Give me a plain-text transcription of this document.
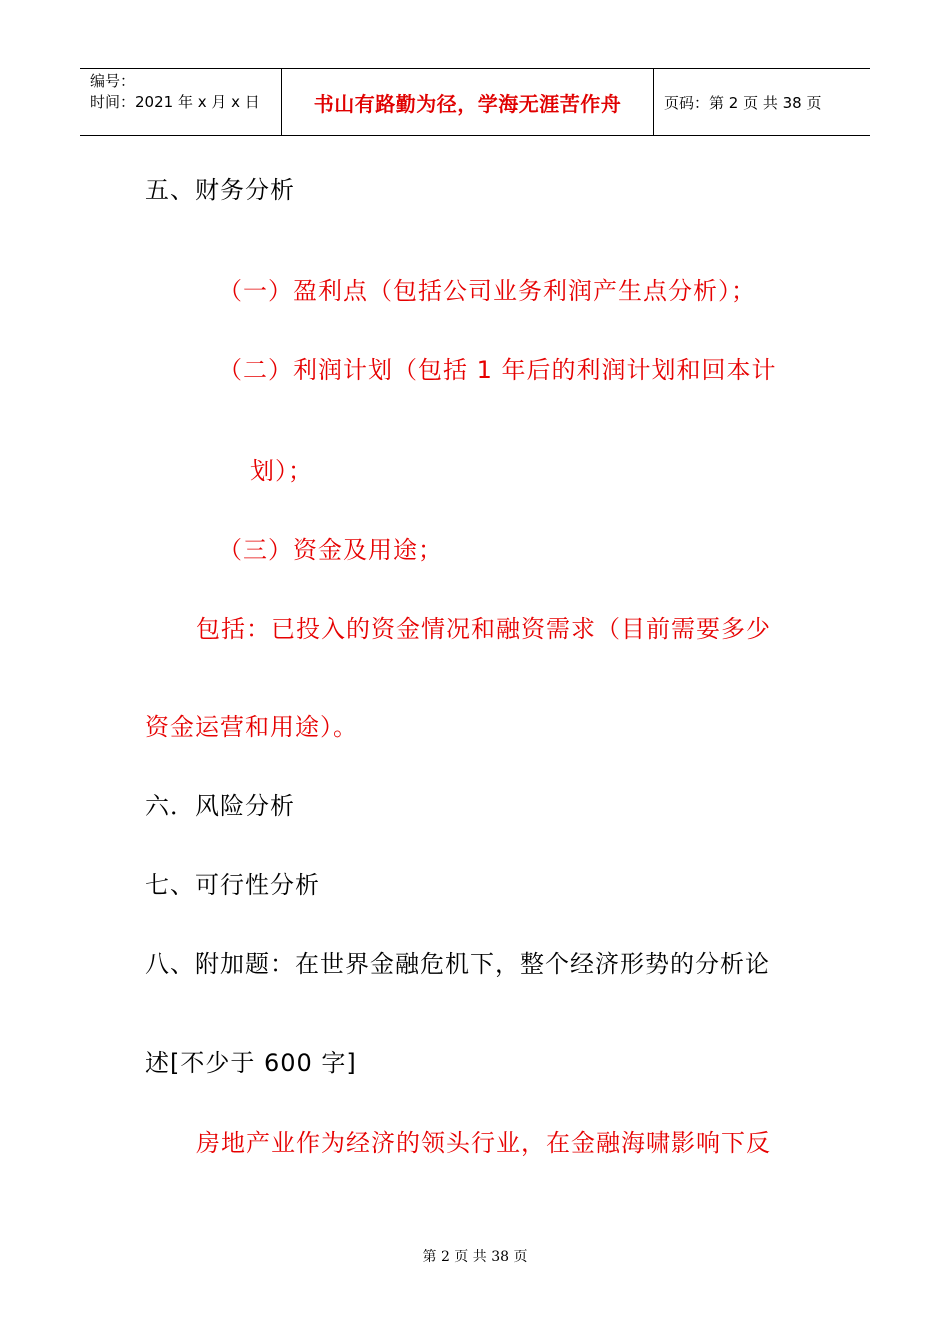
编号：
时间：2021 年 x 月 x 日	书山有路勤为径，学海无涯苦作舟	页码：第 2 页 共 38 页
五、财务分析
（一）盈利点（包括公司业务利润产生点分析）；
（二）利润计划（包括 1 年后的利润计划和回本计
划）；
（三）资金及用途；
包括：已投入的资金情况和融资需求（目前需要多少
资金运营和用途）。
六．风险分析
七、可行性分析
八、附加题：在世界金融危机下，整个经济形势的分析论
述[不少于 600 字]
房地产业作为经济的领头行业，在金融海啸影响下反
第 2 页 共 38 页
